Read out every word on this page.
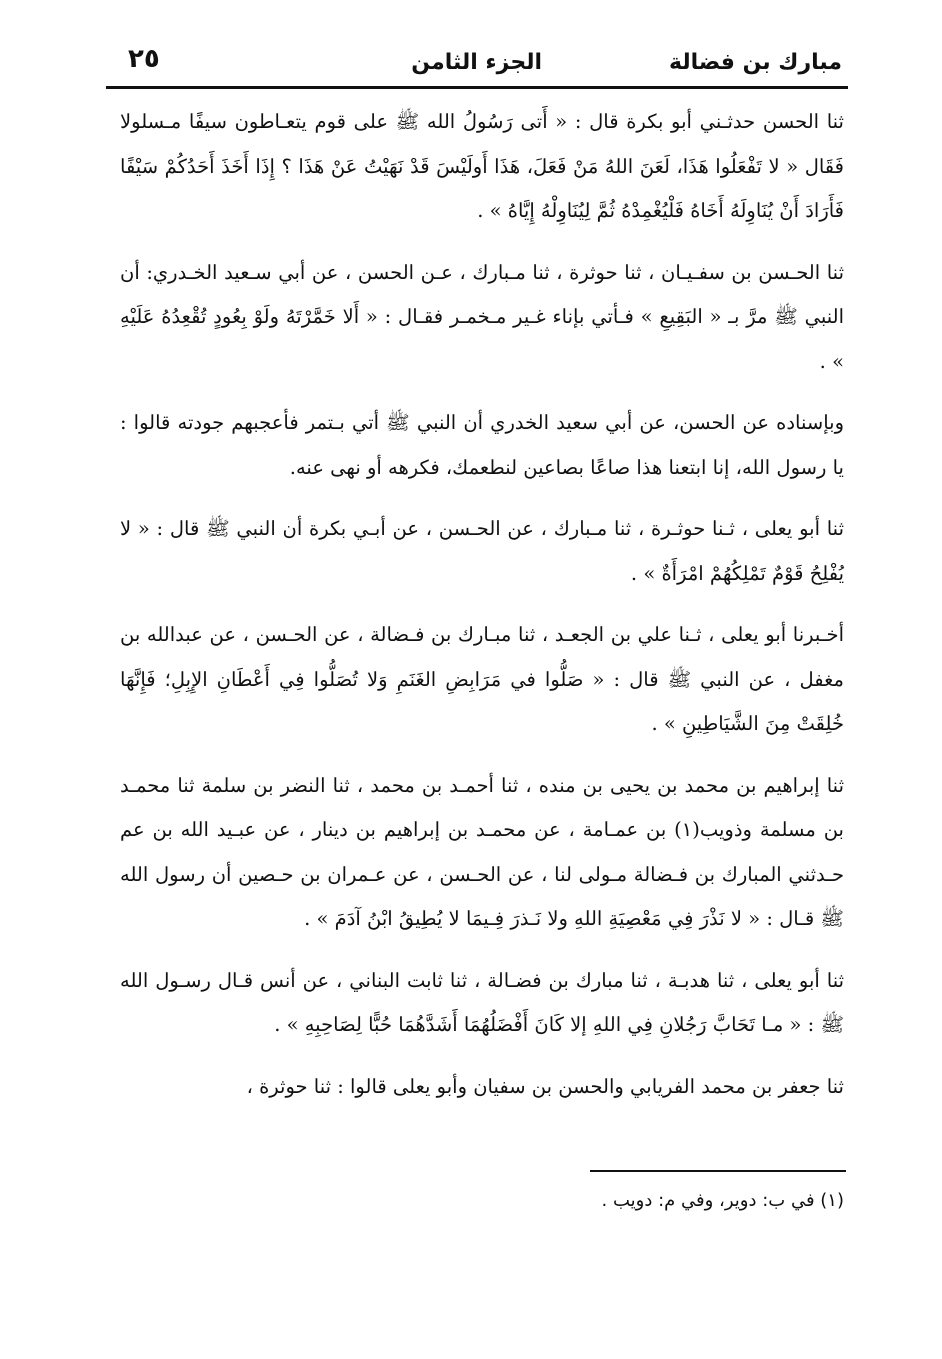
مبارك بن فضالة
الجزء الثامن
٢٥

ثنا الحسن حدثـني أبو بكرة قال : « أَتى رَسُولُ الله ﷺ على قوم يتعـاطون سيفًا مـسلولا فَقَال « لا تَفْعَلُوا هَذَا، لَعَنَ اللهُ مَنْ فَعَلَ، هَذَا أَولَيْسَ قَدْ نَهَيْتُ عَنْ هَذَا ؟ إِذَا أَخَذَ أَحَدُكُمْ سَيْفًا فَأَرَادَ أَنْ يُنَاوِلَهُ أَخَاهُ فَلْيُغْمِدْهُ ثُمَّ لِيُنَاوِلْهُ إِيَّاهُ » .

ثنا الحـسن بن سفـيـان ، ثنا حوثرة ، ثنا مـبارك ، عـن الحسن ، عن أبي سـعيد الخـدري: أن النبي ﷺ مرَّ بـ « البَقِيعِ » فـأتي بإناء غـير مـخمـر فقـال : « أَلا خَمَّرْتَهُ ولَوْ بِعُودٍ تُقْعِدُهُ عَلَيْهِ » .

وبإسناده عن الحسن، عن أبي سعيد الخدري أن النبي ﷺ أتي بـتمر فأعجبهم جودته قالوا : يا رسول الله، إنا ابتعنا هذا صاعًا بصاعين لنطعمك، فكرهه أو نهى عنه.

ثنا أبو يعلى ، ثـنا حوثـرة ، ثنا مـبارك ، عن الحـسن ، عن أبـي بكرة أن النبي ﷺ قال : « لا يُفْلِحُ قَوْمٌ تَمْلِكُهُمْ امْرَأَةٌ » .

أخـبرنا أبو يعلى ، ثـنا علي بن الجعـد ، ثنا مبـارك بن فـضالة ، عن الحـسن ، عن عبدالله بن مغفل ، عن النبي ﷺ قال : « صَلُّوا في مَرَابِضِ الغَنَمِ وَلا تُصَلُّوا فِي أَعْطَانِ الإِبِلِ؛ فَإِنَّهَا خُلِقَتْ مِنَ الشَّيَاطِينِ » .

ثنا إبراهيم بن محمد بن يحيى بن منده ، ثنا أحمـد بن محمد ، ثنا النضر بن سلمة ثنا محمـد بن مسلمة وذويب(١) بن عمـامة ، عن محمـد بن إبراهيم بن دينار ، عن عبـيد الله بن عم حـدثني المبارك بن فـضالة مـولى لنا ، عن الحـسن ، عن عـمران بن حـصين أن رسول الله ﷺ قـال : « لا نَذْرَ فِي مَعْصِيَةِ اللهِ ولا نَـذرَ فِـيمَا لا يُطِيقُ ابْنُ آدَمَ » .

ثنا أبو يعلى ، ثنا هدبـة ، ثنا مبارك بن فضـالة ، ثنا ثابت البناني ، عن أنس قـال رسـول الله ﷺ : « مـا تَحَابَّ رَجُلانِ فِي اللهِ إلا كَانَ أَفْضَلُهُمَا أَشَدَّهُمَا حُبًّا لِصَاحِبِهِ » .

ثنا جعفر بن محمد الفريابي والحسن بن سفيان وأبو يعلى قالوا : ثنا حوثرة ،

(١) في ب: دوير، وفي م: دويب .
